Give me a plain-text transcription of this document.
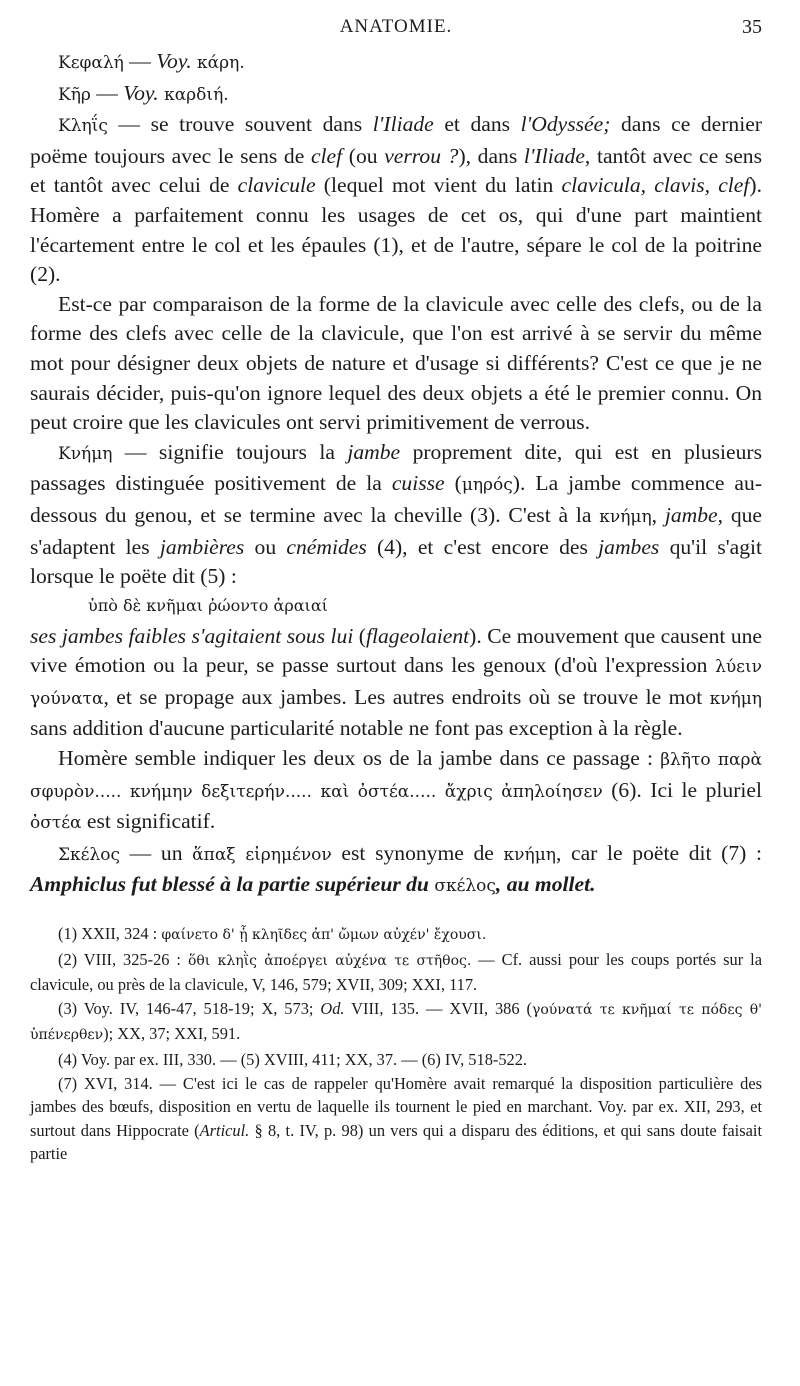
ANATOMIE.	35

Κεφαλή — Voy. κάρη.

Κῆρ — Voy. καρδιή.

Κληΐς — se trouve souvent dans l'Iliade et dans l'Odyssée; dans ce dernier poëme toujours avec le sens de clef (ou verrou ?), dans l'Iliade, tantôt avec ce sens et tantôt avec celui de clavicule (lequel mot vient du latin clavicula, clavis, clef). Homère a parfaitement connu les usages de cet os, qui d'une part maintient l'écartement entre le col et les épaules (1), et de l'autre, sépare le col de la poitrine (2).

Est-ce par comparaison de la forme de la clavicule avec celle des clefs, ou de la forme des clefs avec celle de la clavicule, que l'on est arrivé à se servir du même mot pour désigner deux objets de nature et d'usage si différents? C'est ce que je ne saurais décider, puis-qu'on ignore lequel des deux objets a été le premier connu. On peut croire que les clavicules ont servi primitivement de verrous.

Κνήμη — signifie toujours la jambe proprement dite, qui est en plusieurs passages distinguée positivement de la cuisse (μηρός). La jambe commence au-dessous du genou, et se termine avec la cheville (3). C'est à la κνήμη, jambe, que s'adaptent les jambières ou cnémides (4), et c'est encore des jambes qu'il s'agit lorsque le poëte dit (5) :

ὑπὸ δὲ κνῆμαι ῥώοντο ἀραιαί

ses jambes faibles s'agitaient sous lui (flageolaient). Ce mouvement que causent une vive émotion ou la peur, se passe surtout dans les genoux (d'où l'expression λύειν γούνατα, et se propage aux jambes. Les autres endroits où se trouve le mot κνήμη sans addition d'aucune particularité notable ne font pas exception à la règle.

Homère semble indiquer les deux os de la jambe dans ce passage : βλῆτο παρὰ σφυρὸν..... κνήμην δεξιτερήν..... καὶ ὀστέα..... ἄχρις ἀπηλοίησεν (6). Ici le pluriel ὀστέα est significatif.

Σκέλος — un ἅπαξ εἰρημένον est synonyme de κνήμη, car le poëte dit (7) : Amphiclus fut blessé à la partie supérieur du σκέλος, au mollet.

(1) XXII, 324 : φαίνετο δ' ᾗ κληῖδες ἀπ' ὤμων αὐχέν' ἔχουσι.

(2) VIII, 325-26 : ὅθι κληῒς ἀποέργει αὐχένα τε στῆθος. — Cf. aussi pour les coups portés sur la clavicule, ou près de la clavicule, V, 146, 579; XVII, 309; XXI, 117.

(3) Voy. IV, 146-47, 518-19; X, 573; Od. VIII, 135. — XVII, 386 (γούνατά τε κνῆμαί τε πόδες θ' ὑπένερθεν); XX, 37; XXI, 591.

(4) Voy. par ex. III, 330. — (5) XVIII, 411; XX, 37. — (6) IV, 518-522.

(7) XVI, 314. — C'est ici le cas de rappeler qu'Homère avait remarqué la disposition particulière des jambes des bœufs, disposition en vertu de laquelle ils tournent le pied en marchant. Voy. par ex. XII, 293, et surtout dans Hippocrate (Articul. § 8, t. IV, p. 98) un vers qui a disparu des éditions, et qui sans doute faisait partie
